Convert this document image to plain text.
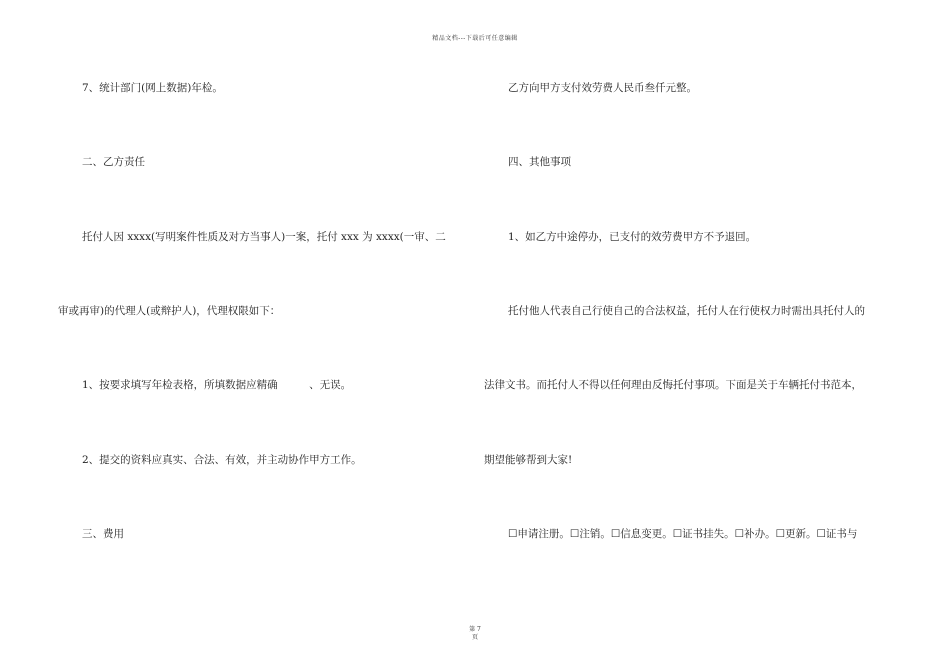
精品文档---下载后可任意编辑
7、统计部门(网上数据)年检。
二、乙方责任
托付人因 xxxx(写明案件性质及对方当事人)一案，托付 xxx 为 xxxx(一审、二
审或再审)的代理人(或辩护人)，代理权限如下：
1、按要求填写年检表格，所填数据应精确　　　、无误。
2、提交的资料应真实、合法、有效，并主动协作甲方工作。
三、费用
乙方向甲方支付效劳费人民币叁仟元整。
四、其他事项
1、如乙方中途停办，已支付的效劳费甲方不予退回。
托付他人代表自己行使自己的合法权益，托付人在行使权力时需出具托付人的
法律文书。而托付人不得以任何理由反悔托付事项。下面是关于车辆托付书范本，
期望能够帮到大家!
☐申请注册。☐注销。☐信息变更。☐证书挂失。☐补办。☐更新。☐证书与
第 7
页
